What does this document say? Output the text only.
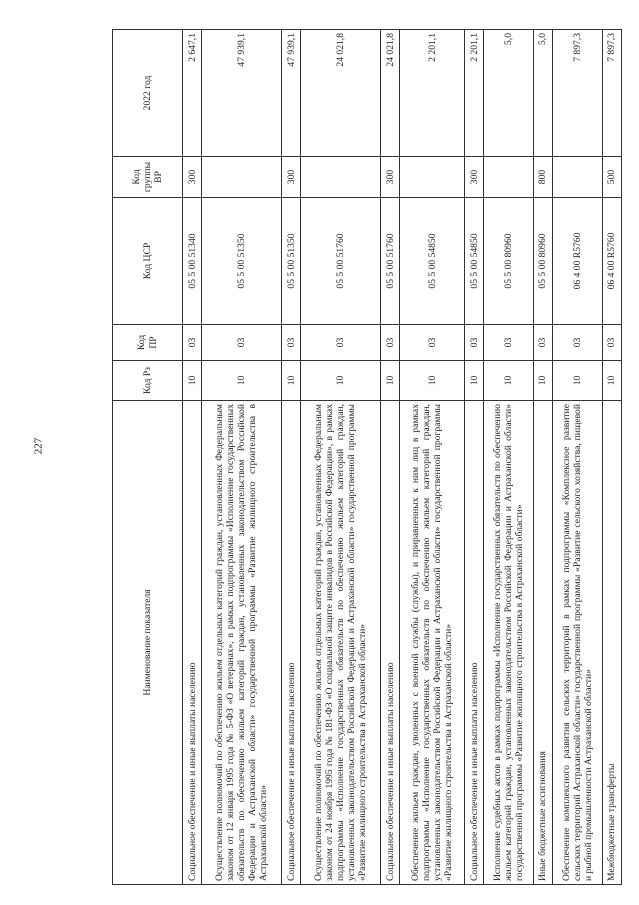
227
Наименование показателя	Код Рз	Код ПР	Код ЦСР	Код группы ВР	2022 год
Социальное обеспечение и иные выплаты населению	10	03	05 5 00 51340	300	2 647,1
Осуществление полномочий по обеспечению жильем отдельных категорий граждан, установленных Федеральным законом от 12 января 1995 года № 5-ФЗ «О ветеранах», в рамках подпрограммы «Исполнение государственных обязательств по обеспечению жильем категорий граждан, установленных законодательством Российской Федерации и Астраханской области» государственной программы «Развитие жилищного строительства в Астраханской области»	10	03	05 5 00 51350		47 939,1
Социальное обеспечение и иные выплаты населению	10	03	05 5 00 51350	300	47 939,1
Осуществление полномочий по обеспечению жильем отдельных категорий граждан, установленных Федеральным законом от 24 ноября 1995 года № 181-ФЗ «О социальной защите инвалидов в Российской Федерации», в рамках подпрограммы «Исполнение государственных обязательств по обеспечению жильем категорий граждан, установленных законодательством Российской Федерации и Астраханской области» государственной программы «Развитие жилищного строительства в Астраханской области»	10	03	05 5 00 51760		24 021,8
Социальное обеспечение и иные выплаты населению	10	03	05 5 00 51760	300	24 021,8
Обеспечение жильем граждан, уволенных с военной службы (службы), и приравненных к ним лиц в рамках подпрограммы «Исполнение государственных обязательств по обеспечению жильем категорий граждан, установленных законодательством Российской Федерации и Астраханской области» государственной программы «Развитие жилищного строительства в Астраханской области»	10	03	05 5 00 54850		2 201,1
Социальное обеспечение и иные выплаты населению	10	03	05 5 00 54850	300	2 201,1
Исполнение судебных актов в рамках подпрограммы «Исполнение государственных обязательств по обеспечению жильем категорий граждан, установленных законодательством Российской Федерации и Астраханской области» государственной программы «Развитие жилищного строительства в Астраханской области»	10	03	05 5 00 80960		5,0
Иные бюджетные ассигнования	10	03	05 5 00 80960	800	5,0
Обеспечение комплексного развития сельских территорий в рамках подпрограммы «Комплексное развитие сельских территорий Астраханской области» государственной программы «Развитие сельского хозяйства, пищевой и рыбной промышленности Астраханской области»	10	03	06 4 00 R5760		7 897,3
Межбюджетные трансферты	10	03	06 4 00 R5760	500	7 897,3
